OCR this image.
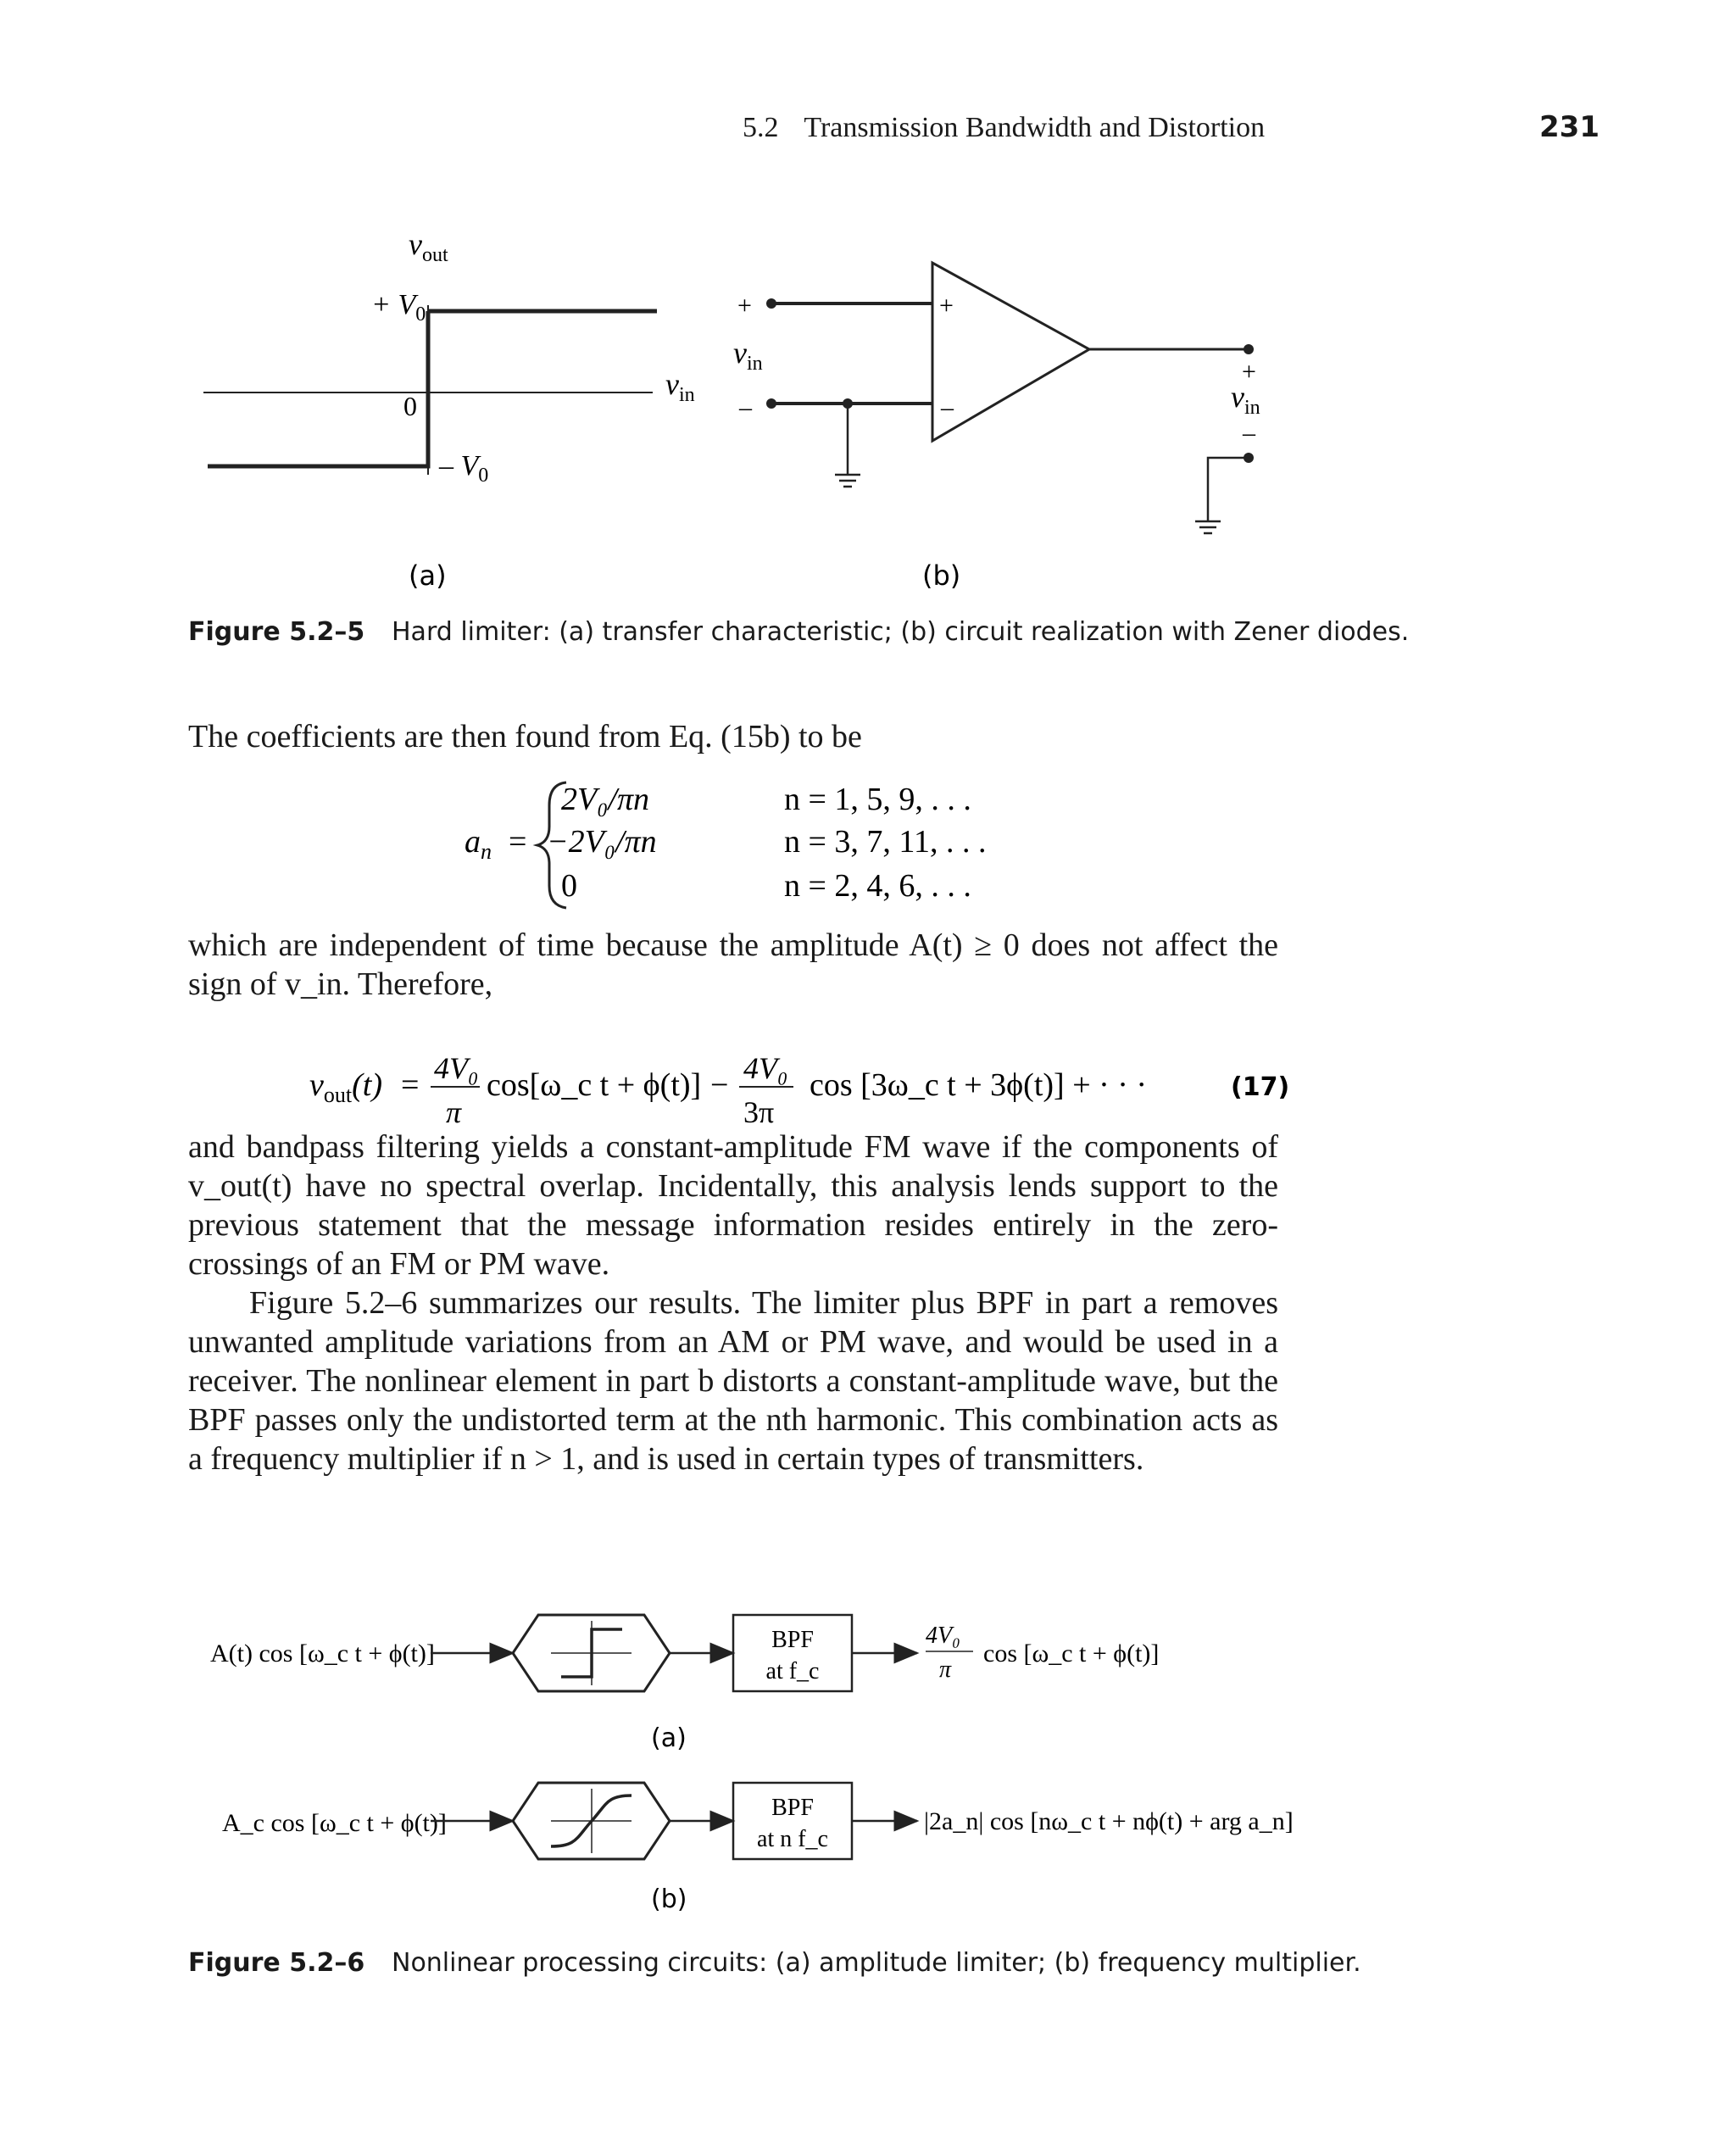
5.2 Transmission Bandwidth and Distortion	231
$v_{out}$
+ $V_0$
0
– $V_0$
$v_{in}$
(a)
+
–
+
–
$v_{in}$	+
$v_{in}$
–
(b)
Figure 5.2–5 Hard limiter: (a) transfer characteristic; (b) circuit realization with Zener diodes.
The coefficients are then found from Eq. (15b) to be
$a_n$ =
2V₀/πn
−2V₀/πn
0
n = 1, 5, 9, . . .
n = 3, 7, 11, . . .
n = 2, 4, 6, . . .
which are independent of time because the amplitude A(t) ≥ 0 does not affect the sign of v_in. Therefore,
$v_{out}(t) = 4V_0$
π
cos[ω_c t + ϕ(t)] − 4V₀
3π
cos [3ω_c t + 3ϕ(t)] + · · ·	(17)
and bandpass filtering yields a constant-amplitude FM wave if the components of v_out(t) have no spectral overlap. Incidentally, this analysis lends support to the previous statement that the message information resides entirely in the zero-crossings of an FM or PM wave.
Figure 5.2–6 summarizes our results. The limiter plus BPF in part a removes unwanted amplitude variations from an AM or PM wave, and would be used in a receiver. The nonlinear element in part b distorts a constant-amplitude wave, but the BPF passes only the undistorted term at the nth harmonic. This combination acts as a frequency multiplier if n > 1, and is used in certain types of transmitters.
A(t) cos [ω_c t + ϕ(t)]	BPF
at f_c
4V₀
π
cos [ω_c t + ϕ(t)]
(a)
A_c cos [ω_c t + ϕ(t)]
BPF
at n f_c
|2a_n| cos [nω_c t + nϕ(t) + arg a_n]
(b)
Figure 5.2–6 Nonlinear processing circuits: (a) amplitude limiter; (b) frequency multiplier.
